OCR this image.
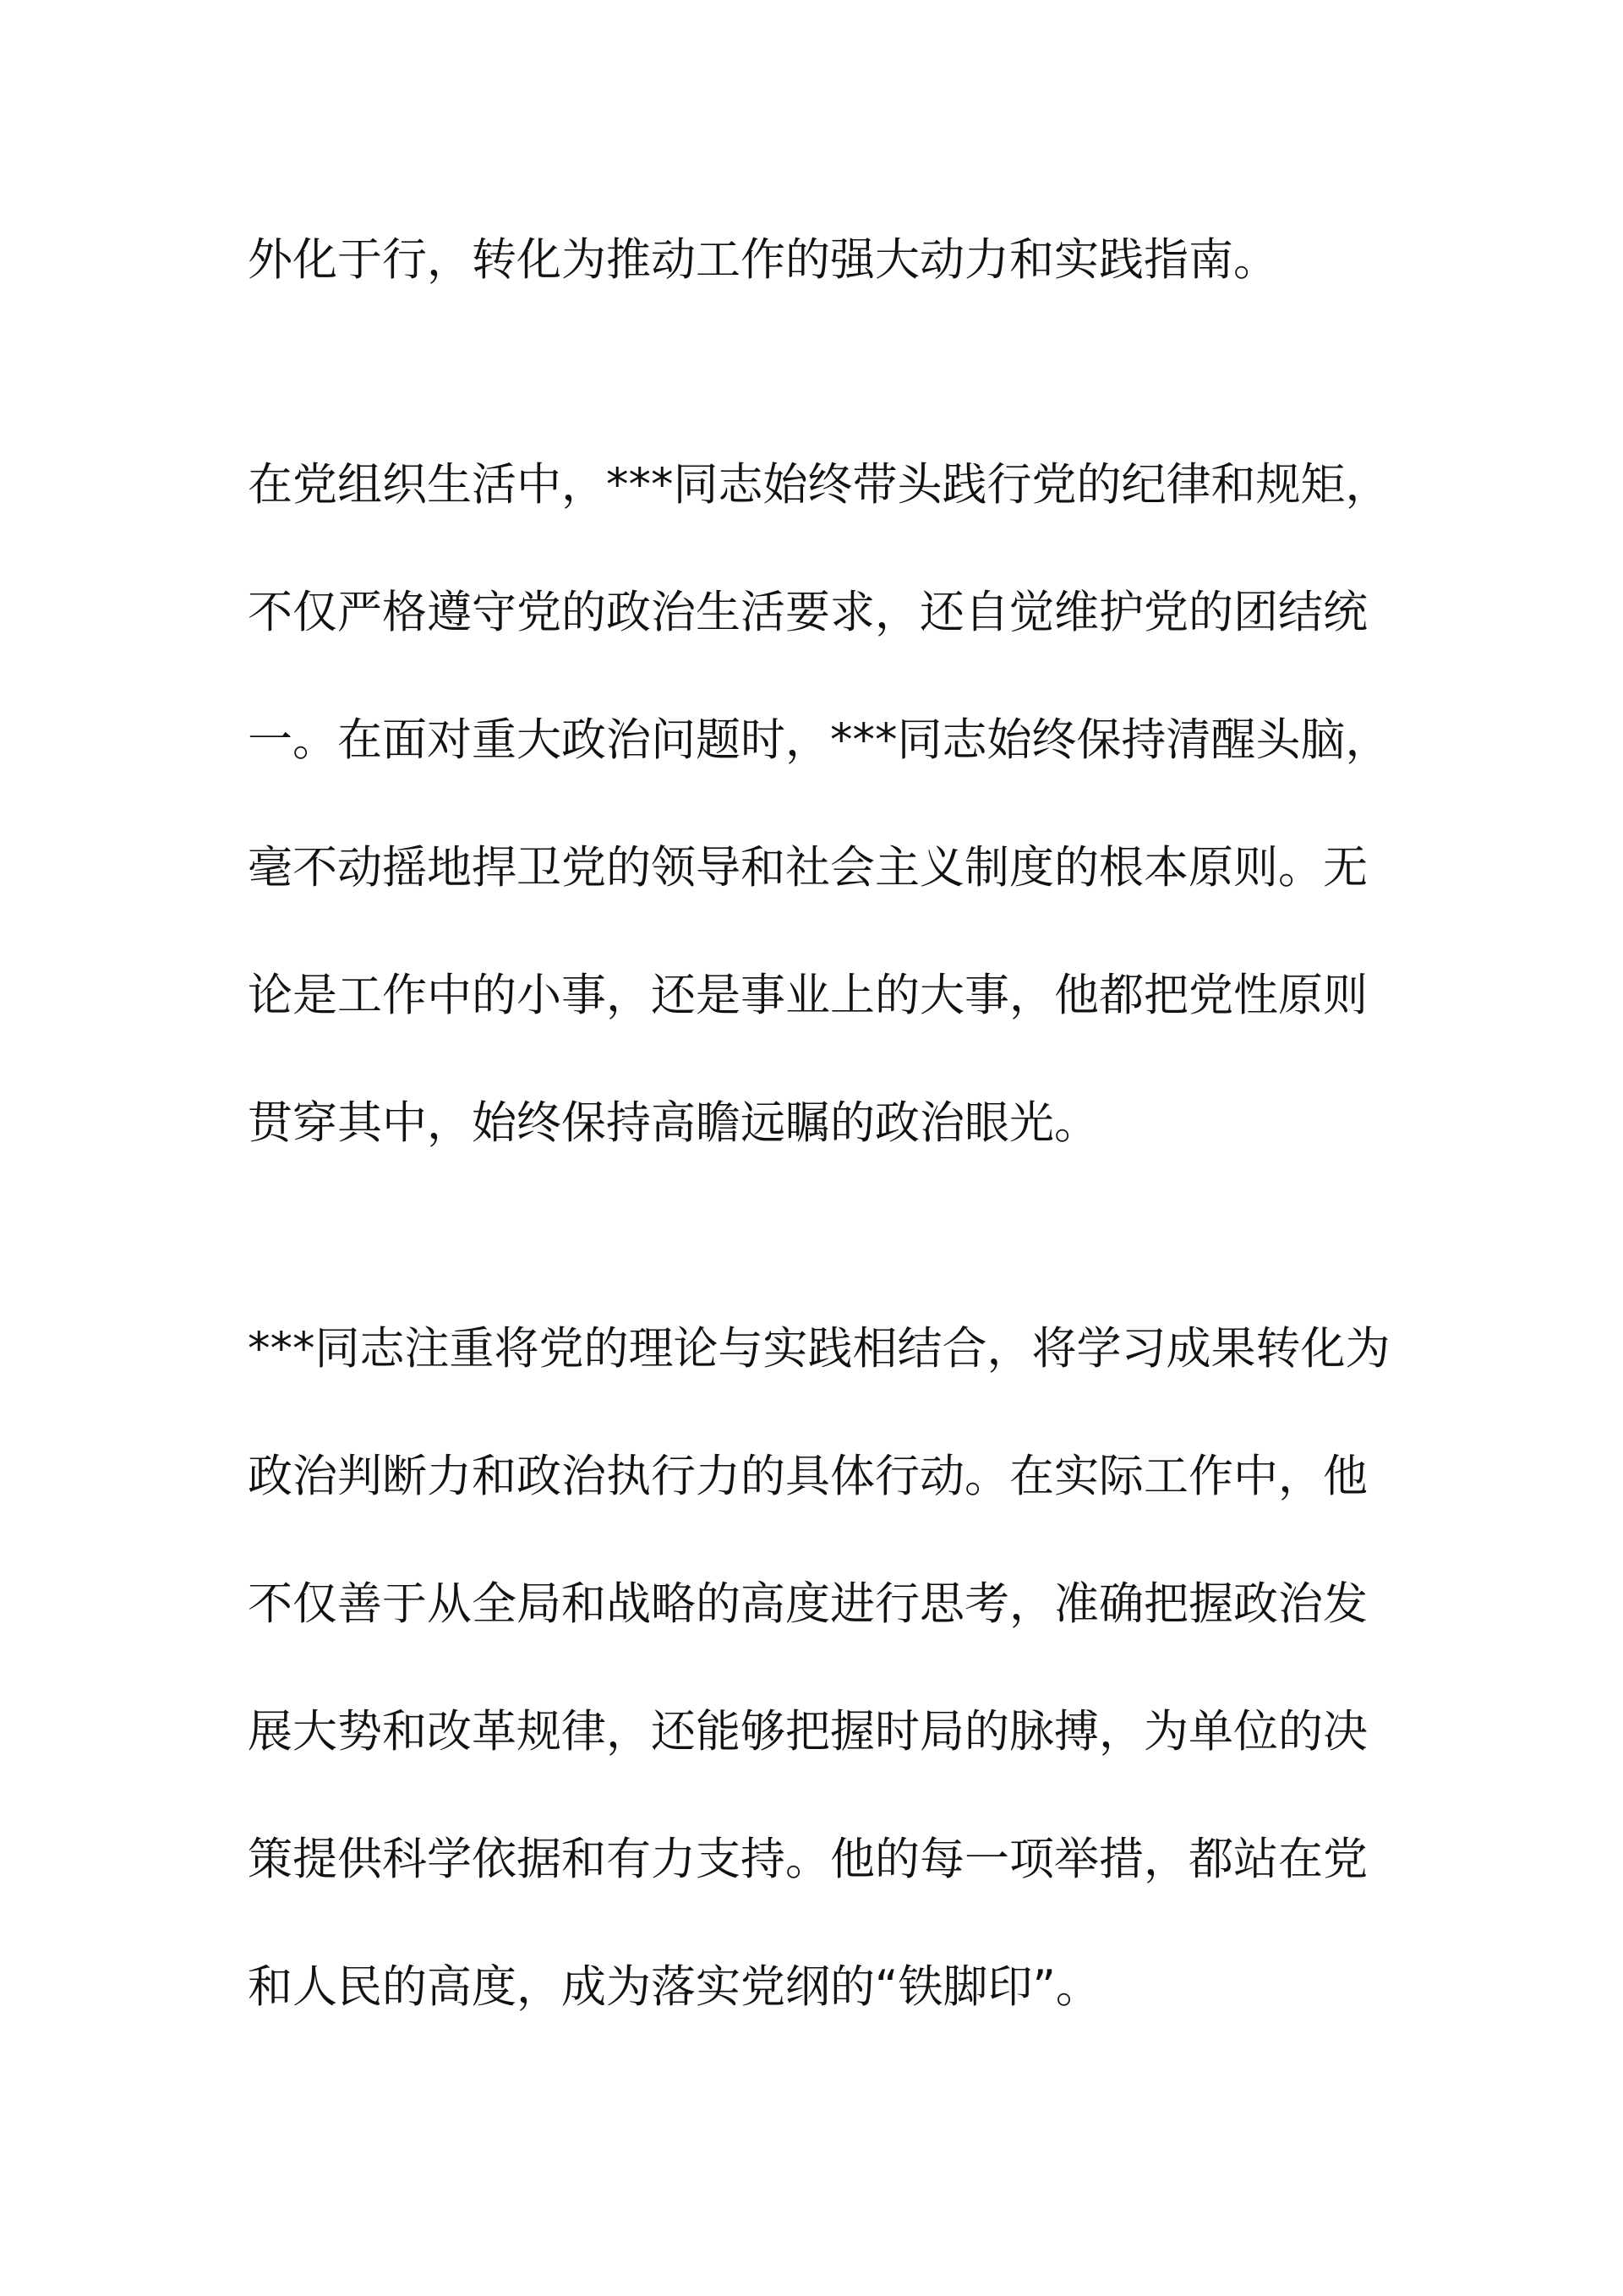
外化于行，转化为推动工作的强大动力和实践指南。

在党组织生活中，***同志始终带头践行党的纪律和规矩，

不仅严格遵守党的政治生活要求，还自觉维护党的团结统

一。在面对重大政治问题时，***同志始终保持清醒头脑，

毫不动摇地捍卫党的领导和社会主义制度的根本原则。无

论是工作中的小事，还是事业上的大事，他都把党性原则

贯穿其中，始终保持高瞻远瞩的政治眼光。

***同志注重将党的理论与实践相结合，将学习成果转化为

政治判断力和政治执行力的具体行动。在实际工作中，他

不仅善于从全局和战略的高度进行思考，准确把握政治发

展大势和改革规律，还能够把握时局的脉搏，为单位的决

策提供科学依据和有力支持。他的每一项举措，都站在党

和人民的高度，成为落实党纲的“铁脚印”。
